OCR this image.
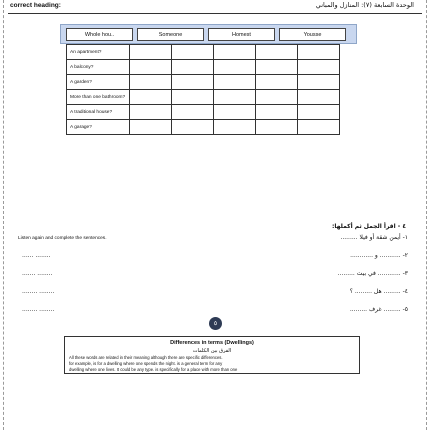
correct heading:	الوحدة السابعة (٧): المنازل والمباني
Whole hou..	Someone	Homest	Yousse
An apartment?					
A balcony?					
A garden?					
More than one bathroom?					
A traditional house?					
A garage?					
٤ - اقرأ الجمل ثم أكملها:
Listen again and complete the sentences.	١- أيمن شقة أو فيلا .........
٢- ........... و ............
٣- ............ في بيت .........
٤- ......... هل ......... ؟
٥- ......... غرف .........
........ ......
........ .......
........ ........
........ ........
٥
Differences in terms (Dwellings)
الفرق بين الكلمات
All these words are related in their meaning although there are specific differences.
for example, is for a dwelling where one spends the night. is a general term for any
dwelling where one lives. It could be any type. is specifically for a place with more than one
